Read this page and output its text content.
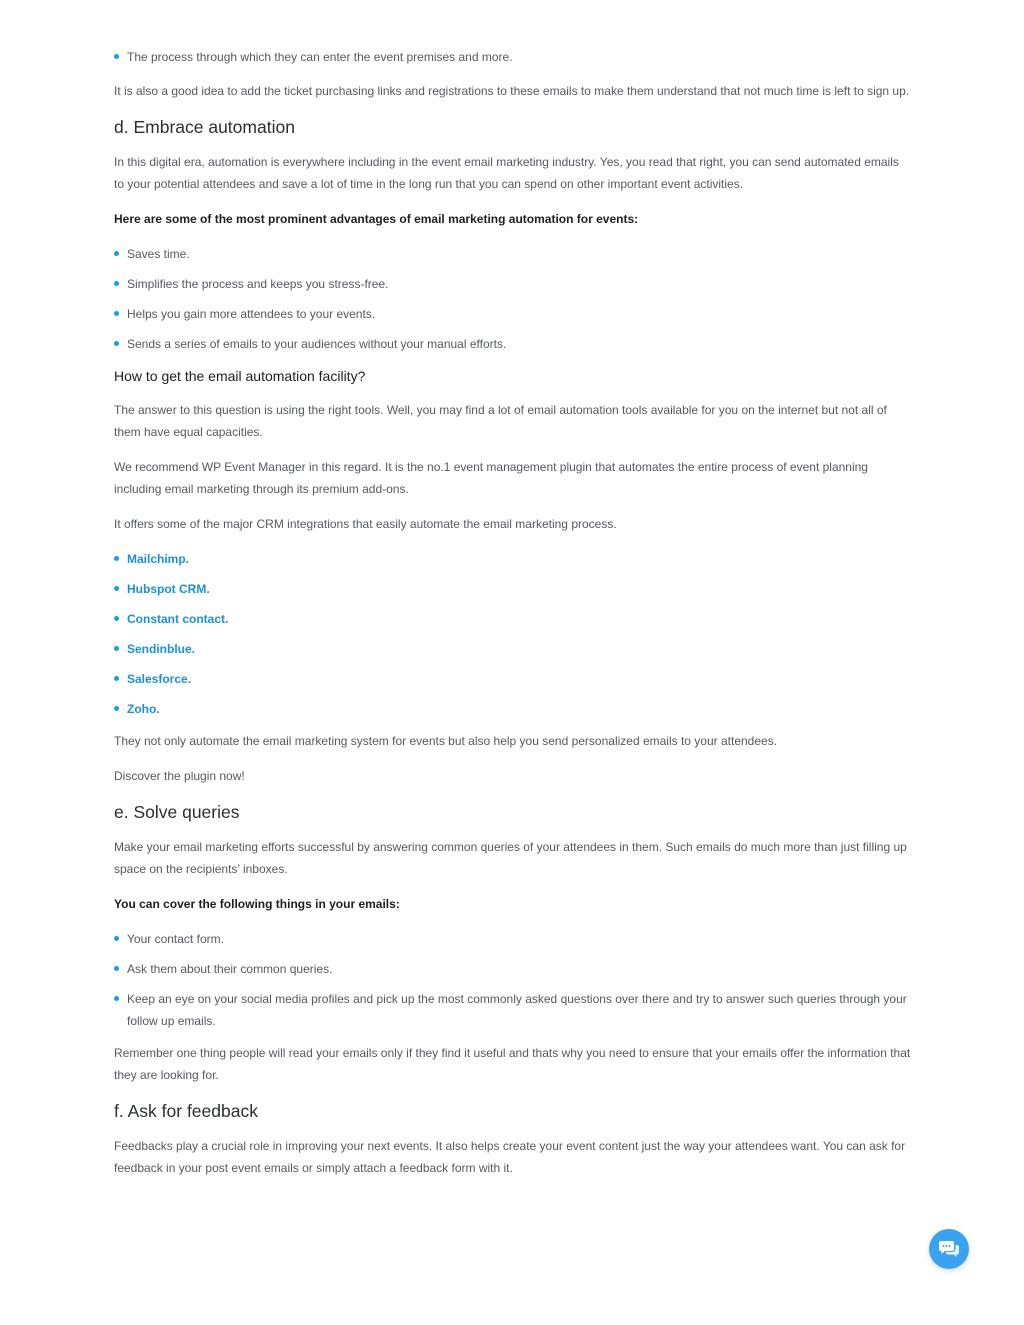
The process through which they can enter the event premises and more.

It is also a good idea to add the ticket purchasing links and registrations to these emails to make them understand that not much time is left to sign up.

d. Embrace automation

In this digital era, automation is everywhere including in the event email marketing industry. Yes, you read that right, you can send automated emails to your potential attendees and save a lot of time in the long run that you can spend on other important event activities.

Here are some of the most prominent advantages of email marketing automation for events:

Saves time.
Simplifies the process and keeps you stress-free.
Helps you gain more attendees to your events.
Sends a series of emails to your audiences without your manual efforts.
How to get the email automation facility?

The answer to this question is using the right tools. Well, you may find a lot of email automation tools available for you on the internet but not all of them have equal capacities.

We recommend WP Event Manager in this regard. It is the no.1 event management plugin that automates the entire process of event planning including email marketing through its premium add-ons.

It offers some of the major CRM integrations that easily automate the email marketing process.

Mailchimp.
Hubspot CRM.
Constant contact.
Sendinblue.
Salesforce.
Zoho.

They not only automate the email marketing system for events but also help you send personalized emails to your attendees.

Discover the plugin now!

e. Solve queries

Make your email marketing efforts successful by answering common queries of your attendees in them. Such emails do much more than just filling up space on the recipients’ inboxes.

You can cover the following things in your emails:

Your contact form.
Ask them about their common queries.
Keep an eye on your social media profiles and pick up the most commonly asked questions over there and try to answer such queries through your follow up emails.

Remember one thing people will read your emails only if they find it useful and thats why you need to ensure that your emails offer the information that they are looking for.

f. Ask for feedback

Feedbacks play a crucial role in improving your next events. It also helps create your event content just the way your attendees want. You can ask for feedback in your post event emails or simply attach a feedback form with it.
